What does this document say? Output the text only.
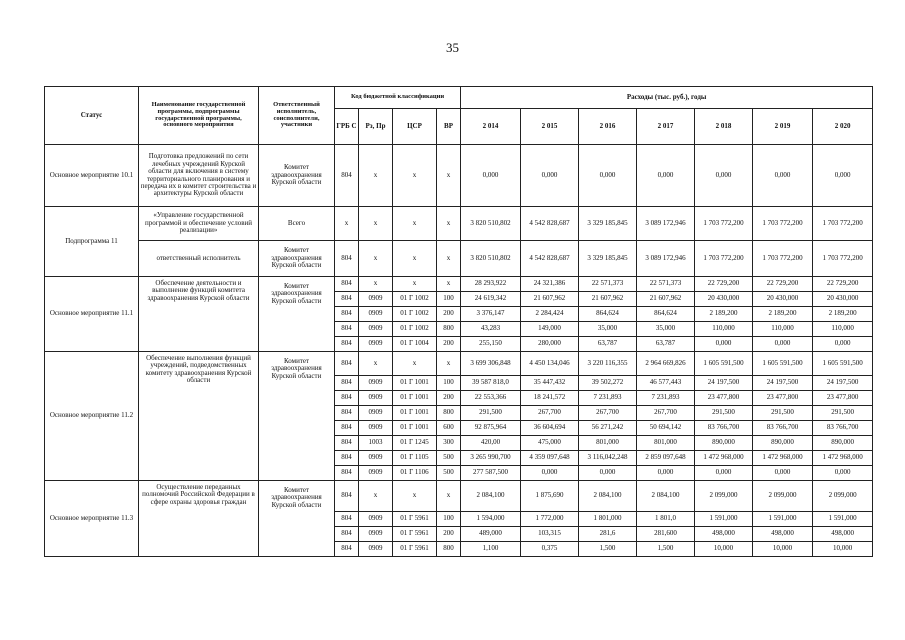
35
Статус	Наименование государственной программы, подпрограммы государственной программы, основного мероприятия	Ответственный исполнитель, соисполнители, участники	Код бюджетной классификации				Расходы (тыс. руб.), годы						
			ГРБ С	Рз, Пр	ЦСР	ВР	2 014	2 015	2 016	2 017	2 018	2 019	2 020
Основное мероприятие 10.1	Подготовка предложений по сети лечебных учреждений Курской области для включения в систему территориального планирования и передача их в комитет строительства и архитектуры Курской области	Комитет здравоохранения Курской области	804	х	х	х	0,000	0,000	0,000	0,000	0,000	0,000	0,000
Подпрограмма 11	«Управление государственной программой и обеспечение условий реализации»	Всего	х	х	х	х	3 820 510,802	4 542 828,687	3 329 185,845	3 089 172,946	1 703 772,200	1 703 772,200	1 703 772,200
	ответственный исполнитель	Комитет здравоохранения Курской области	804	х	х	х	3 820 510,802	4 542 828,687	3 329 185,845	3 089 172,946	1 703 772,200	1 703 772,200	1 703 772,200
Основное мероприятие 11.1	Обеспечение деятельности и выполнение функций комитета здравоохранения Курской области	Комитет здравоохранения Курской области	804	х	х	х	28 293,922	24 321,386	22 571,373	22 571,373	22 729,200	22 729,200	22 729,200
			804	0909	01 Г 1002	100	24 619,342	21 607,962	21 607,962	21 607,962	20 430,000	20 430,000	20 430,000
			804	0909	01 Г 1002	200	3 376,147	2 284,424	864,624	864,624	2 189,200	2 189,200	2 189,200
			804	0909	01 Г 1002	800	43,283	149,000	35,000	35,000	110,000	110,000	110,000
			804	0909	01 Г 1004	200	255,150	280,000	63,787	63,787	0,000	0,000	0,000
Основное мероприятие 11.2	Обеспечение выполнения функций учреждений, подведомственных комитету здравоохранения Курской области	Комитет здравоохранения Курской области	804	х	х	х	3 699 306,848	4 450 134,046	3 220 116,355	2 964 669,826	1 605 591,500	1 605 591,500	1 605 591,500
			804	0909	01 Г 1001	100	39 587 818,0	35 447,432	39 502,272	46 577,443	24 197,500	24 197,500	24 197,500
			804	0909	01 Г 1001	200	22 553,366	18 241,572	7 231,893	7 231,893	23 477,800	23 477,800	23 477,800
			804	0909	01 Г 1001	800	291,500	267,700	267,700	267,700	291,500	291,500	291,500
			804	0909	01 Г 1001	600	92 875,964	36 604,694	56 271,242	50 694,142	83 766,700	83 766,700	83 766,700
			804	1003	01 Г 1245	300	420,00	475,000	801,000	801,000	890,000	890,000	890,000
			804	0909	01 Г 1105	500	3 265 990,700	4 359 097,648	3 116,042,248	2 859 097,648	1 472 968,000	1 472 968,000	1 472 968,000
			804	0909	01 Г 1106	500	277 587,500	0,000	0,000	0,000	0,000	0,000	0,000
Основное мероприятие 11.3	Осуществление переданных полномочий Российской Федерации в сфере охраны здоровья граждан	Комитет здравоохранения Курской области	804	х	х	х	2 084,100	1 875,690	2 084,100	2 084,100	2 099,000	2 099,000	2 099,000
			804	0909	01 Г 5961	100	1 594,000	1 772,000	1 801,000	1 801,0	1 591,000	1 591,000	1 591,000
			804	0909	01 Г 5961	200	489,000	103,315	281,6	281,600	498,000	498,000	498,000
			804	0909	01 Г 5961	800	1,100	0,375	1,500	1,500	10,000	10,000	10,000
